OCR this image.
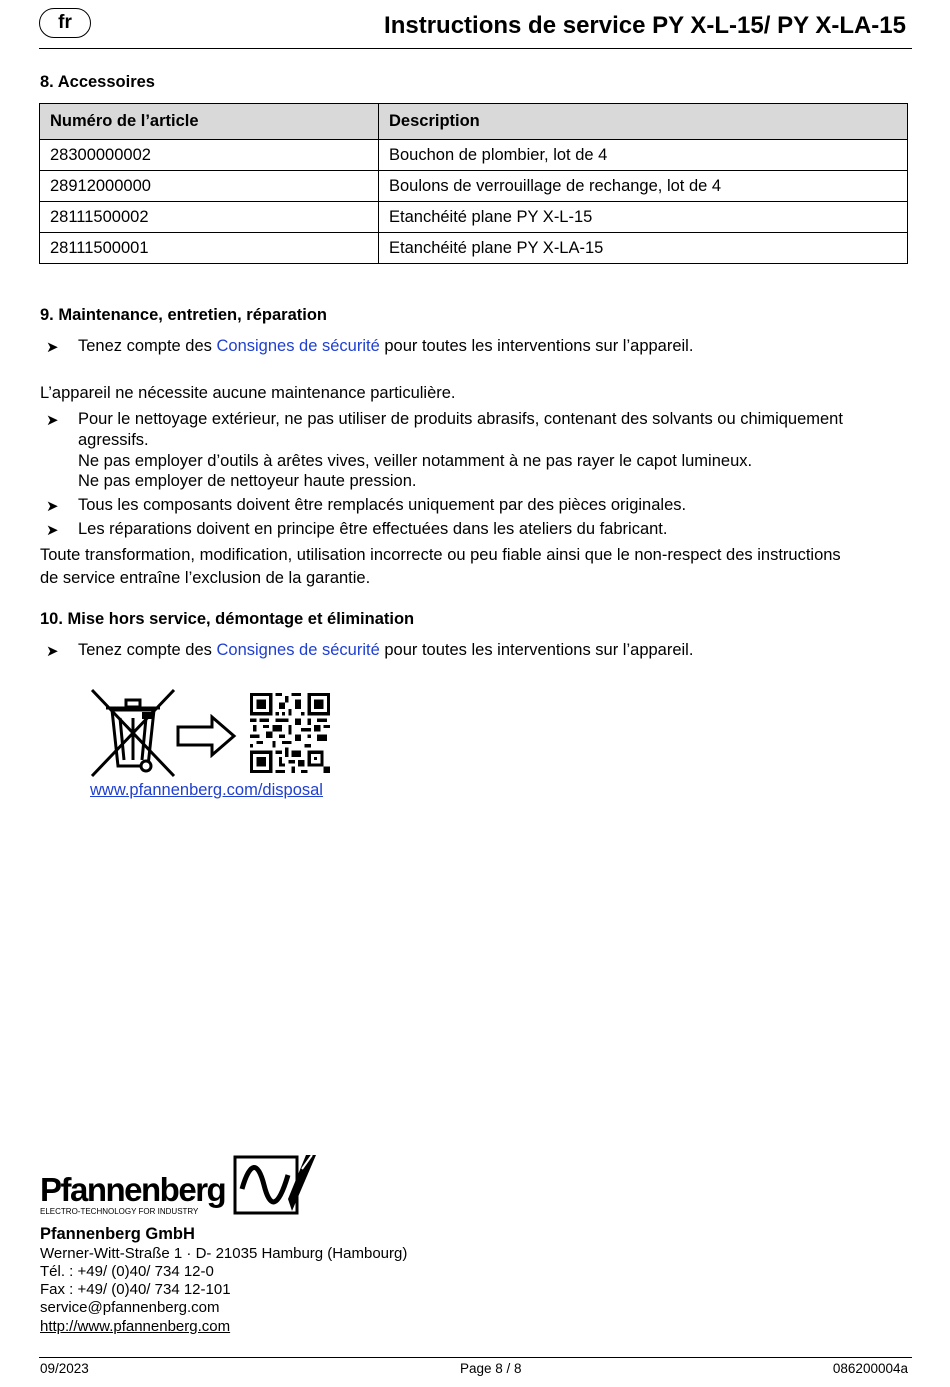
fr	Instructions de service PY X-L-15/ PY X-LA-15
8. Accessoires
Numéro de l’article	Description
28300000002	Bouchon de plombier, lot de 4
28912000000	Boulons de verrouillage de rechange, lot de 4
28111500002	Etanchéité plane PY X-L-15
28111500001	Etanchéité plane PY X-LA-15
9. Maintenance, entretien, réparation
➤ Tenez compte des Consignes de sécurité pour toutes les interventions sur l’appareil.
L’appareil ne nécessite aucune maintenance particulière.
➤ Pour le nettoyage extérieur, ne pas utiliser de produits abrasifs, contenant des solvants ou chimiquement
agressifs.
Ne pas employer d’outils à arêtes vives, veiller notamment à ne pas rayer le capot lumineux.
Ne pas employer de nettoyeur haute pression.
➤ Tous les composants doivent être remplacés uniquement par des pièces originales.
➤ Les réparations doivent en principe être effectuées dans les ateliers du fabricant.
Toute transformation, modification, utilisation incorrecte ou peu fiable ainsi que le non-respect des instructions
de service entraîne l’exclusion de la garantie.
10. Mise hors service, démontage et élimination
➤ Tenez compte des Consignes de sécurité pour toutes les interventions sur l’appareil.
www.pfannenberg.com/disposal
Pfannenberg
ELECTRO-TECHNOLOGY FOR INDUSTRY
Pfannenberg GmbH
Werner-Witt-Straße 1 · D- 21035 Hamburg (Hambourg)
Tél. : +49/ (0)40/ 734 12-0
Fax : +49/ (0)40/ 734 12-101
service@pfannenberg.com
http://www.pfannenberg.com
09/2023	Page 8 / 8	086200004a
